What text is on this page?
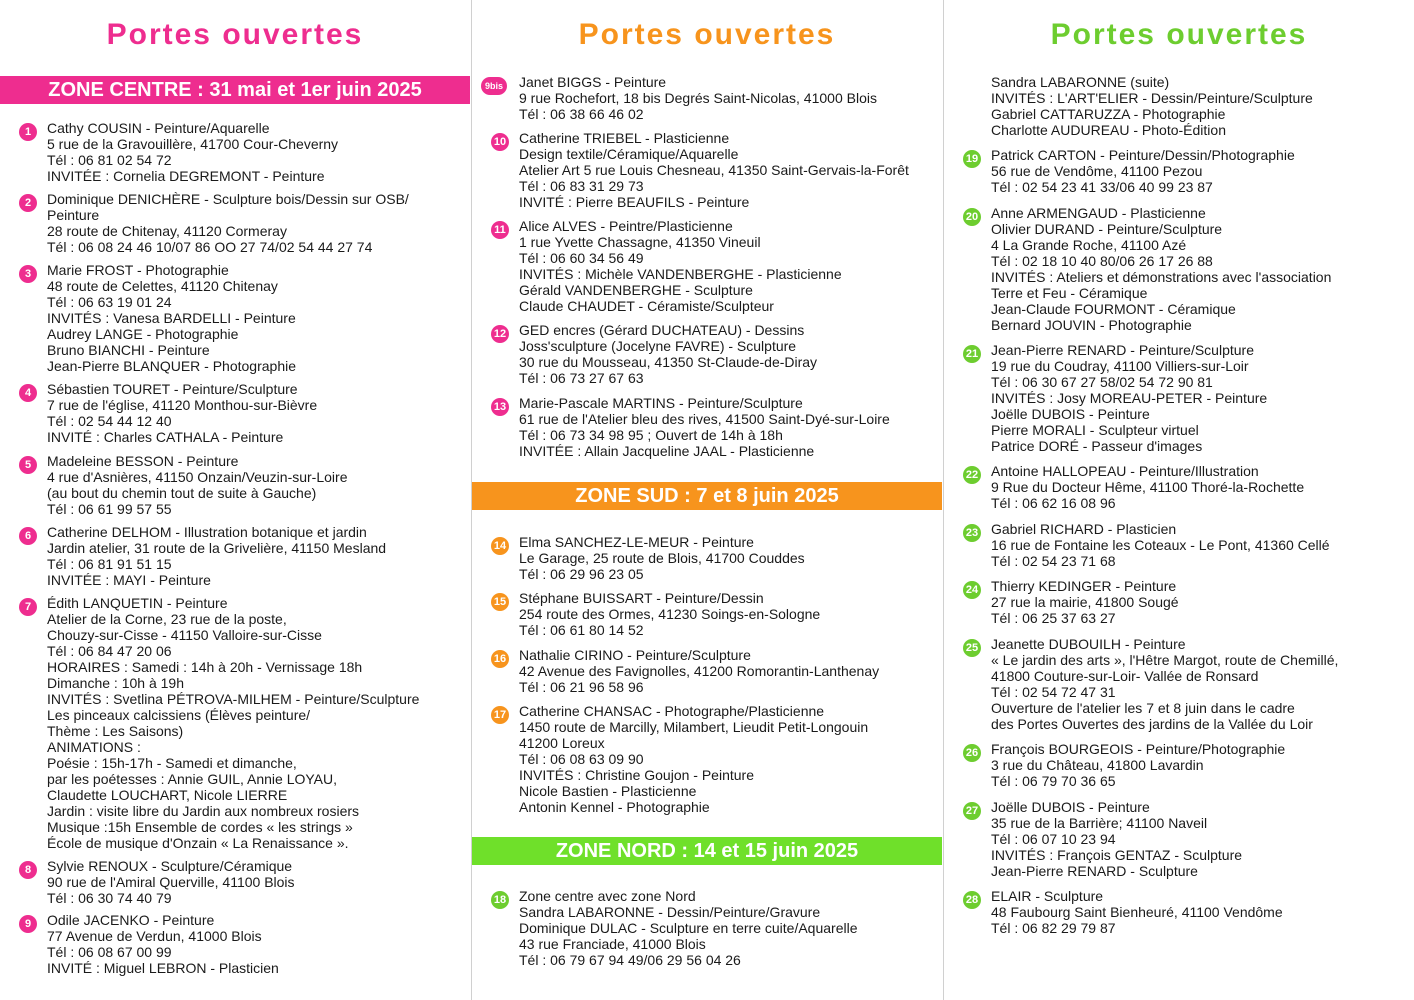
Portes ouvertes
ZONE CENTRE : 31 mai et 1er juin 2025
1	Cathy COUSIN - Peinture/Aquarelle
5 rue de la Gravouillère, 41700 Cour-Cheverny
Tél : 06 81 02 54 72
INVITÉE : Cornelia DEGREMONT - Peinture
2	Dominique DENICHÈRE - Sculpture bois/Dessin sur OSB/
Peinture
28 route de Chitenay, 41120 Cormeray
Tél : 06 08 24 46 10/07 86 OO 27 74/02 54 44 27 74
3	Marie FROST - Photographie
48 route de Celettes, 41120 Chitenay
Tél : 06 63 19 01 24
INVITÉS : Vanesa BARDELLI - Peinture
Audrey LANGE - Photographie
Bruno BIANCHI - Peinture
Jean-Pierre BLANQUER - Photographie
4	Sébastien TOURET - Peinture/Sculpture
7 rue de l'église, 41120 Monthou-sur-Bièvre
Tél : 02 54 44 12 40
INVITÉ : Charles CATHALA - Peinture
5	Madeleine BESSON - Peinture
4 rue d'Asnières, 41150 Onzain/Veuzin-sur-Loire
(au bout du chemin tout de suite à Gauche)
Tél : 06 61 99 57 55
6	Catherine DELHOM - Illustration botanique et jardin
Jardin atelier, 31 route de la Grivelière, 41150 Mesland
Tél : 06 81 91 51 15
INVITÉE : MAYI - Peinture
7	Édith LANQUETIN - Peinture
Atelier de la Corne, 23 rue de la poste,
Chouzy-sur-Cisse - 41150 Valloire-sur-Cisse
Tél : 06 84 47 20 06
HORAIRES : Samedi : 14h à 20h - Vernissage 18h
Dimanche : 10h à 19h
INVITÉS : Svetlina PÉTROVA-MILHEM - Peinture/Sculpture
Les pinceaux calcissiens (Élèves peinture/
Thème : Les Saisons)
ANIMATIONS :
Poésie : 15h-17h - Samedi et dimanche,
par les poétesses : Annie GUIL, Annie LOYAU,
Claudette LOUCHART, Nicole LIERRE
Jardin : visite libre du Jardin aux nombreux rosiers
Musique :15h Ensemble de cordes « les strings »
École de musique d'Onzain « La Renaissance ».
8	Sylvie RENOUX - Sculpture/Céramique
90 rue de l'Amiral Querville, 41100 Blois
Tél : 06 30 74 40 79
9	Odile JACENKO - Peinture
77 Avenue de Verdun, 41000 Blois
Tél : 06 08 67 00 99
INVITÉ : Miguel LEBRON - Plasticien
Portes ouvertes
9bis Janet BIGGS - Peinture
9 rue Rochefort, 18 bis Degrés Saint-Nicolas, 41000 Blois
Tél : 06 38 66 46 02
10 Catherine TRIEBEL - Plasticienne
Design textile/Céramique/Aquarelle
Atelier Art 5 rue Louis Chesneau, 41350 Saint-Gervais-la-Forêt
Tél : 06 83 31 29 73
INVITÉ : Pierre BEAUFILS - Peinture
11 Alice ALVES - Peintre/Plasticienne
1 rue Yvette Chassagne, 41350 Vineuil
Tél : 06 60 34 56 49
INVITÉS : Michèle VANDENBERGHE - Plasticienne
Gérald VANDENBERGHE - Sculpture
Claude CHAUDET - Céramiste/Sculpteur
12 GED encres (Gérard DUCHATEAU) - Dessins
Joss'sculpture (Jocelyne FAVRE) - Sculpture
30 rue du Mousseau, 41350 St-Claude-de-Diray
Tél : 06 73 27 67 63
13 Marie-Pascale MARTINS - Peinture/Sculpture
61 rue de l'Atelier bleu des rives, 41500 Saint-Dyé-sur-Loire
Tél : 06 73 34 98 95 ; Ouvert de 14h à 18h
INVITÉE : Allain Jacqueline JAAL - Plasticienne
ZONE SUD : 7 et 8 juin 2025
14 Elma SANCHEZ-LE-MEUR - Peinture
Le Garage, 25 route de Blois, 41700 Couddes
Tél : 06 29 96 23 05
15 Stéphane BUISSART - Peinture/Dessin
254 route des Ormes, 41230 Soings-en-Sologne
Tél : 06 61 80 14 52
16 Nathalie CIRINO - Peinture/Sculpture
42 Avenue des Favignolles, 41200 Romorantin-Lanthenay
Tél : 06 21 96 58 96
17 Catherine CHANSAC - Photographe/Plasticienne
1450 route de Marcilly, Milambert, Lieudit Petit-Longouin
41200 Loreux
Tél : 06 08 63 09 90
INVITÉS : Christine Goujon - Peinture
Nicole Bastien - Plasticienne
Antonin Kennel - Photographie
ZONE NORD : 14 et 15 juin 2025
18 Zone centre avec zone Nord
Sandra LABARONNE - Dessin/Peinture/Gravure
Dominique DULAC - Sculpture en terre cuite/Aquarelle
43 rue Franciade, 41000 Blois
Tél : 06 79 67 94 49/06 29 56 04 26
Portes ouvertes
Sandra LABARONNE (suite)
INVITÉS : L'ART'ELIER - Dessin/Peinture/Sculpture
Gabriel CATTARUZZA - Photographie
Charlotte AUDUREAU - Photo-Édition
19 Patrick CARTON - Peinture/Dessin/Photographie
56 rue de Vendôme, 41100 Pezou
Tél : 02 54 23 41 33/06 40 99 23 87
20 Anne ARMENGAUD - Plasticienne
Olivier DURAND - Peinture/Sculpture
4 La Grande Roche, 41100 Azé
Tél : 02 18 10 40 80/06 26 17 26 88
INVITÉS : Ateliers et démonstrations avec l'association
Terre et Feu - Céramique
Jean-Claude FOURMONT - Céramique
Bernard JOUVIN - Photographie
21 Jean-Pierre RENARD - Peinture/Sculpture
19 rue du Coudray, 41100 Villiers-sur-Loir
Tél : 06 30 67 27 58/02 54 72 90 81
INVITÉS : Josy MOREAU-PETER - Peinture
Joëlle DUBOIS - Peinture
Pierre MORALI - Sculpteur virtuel
Patrice DORÉ - Passeur d'images
22 Antoine HALLOPEAU - Peinture/Illustration
9 Rue du Docteur Hême, 41100 Thoré-la-Rochette
Tél : 06 62 16 08 96
23 Gabriel RICHARD - Plasticien
16 rue de Fontaine les Coteaux - Le Pont, 41360 Cellé
Tél : 02 54 23 71 68
24 Thierry KEDINGER - Peinture
27 rue la mairie, 41800 Sougé
Tél : 06 25 37 63 27
25 Jeanette DUBOUILH - Peinture
« Le jardin des arts », l'Hêtre Margot, route de Chemillé,
41800 Couture-sur-Loir- Vallée de Ronsard
Tél : 02 54 72 47 31
Ouverture de l'atelier les 7 et 8 juin dans le cadre
des Portes Ouvertes des jardins de la Vallée du Loir
26 François BOURGEOIS - Peinture/Photographie
3 rue du Château, 41800 Lavardin
Tél : 06 79 70 36 65
27 Joëlle DUBOIS - Peinture
35 rue de la Barrière; 41100 Naveil
Tél : 06 07 10 23 94
INVITÉS : François GENTAZ - Sculpture
Jean-Pierre RENARD - Sculpture
28 ELAIR - Sculpture
48 Faubourg Saint Bienheuré, 41100 Vendôme
Tél : 06 82 29 79 87
